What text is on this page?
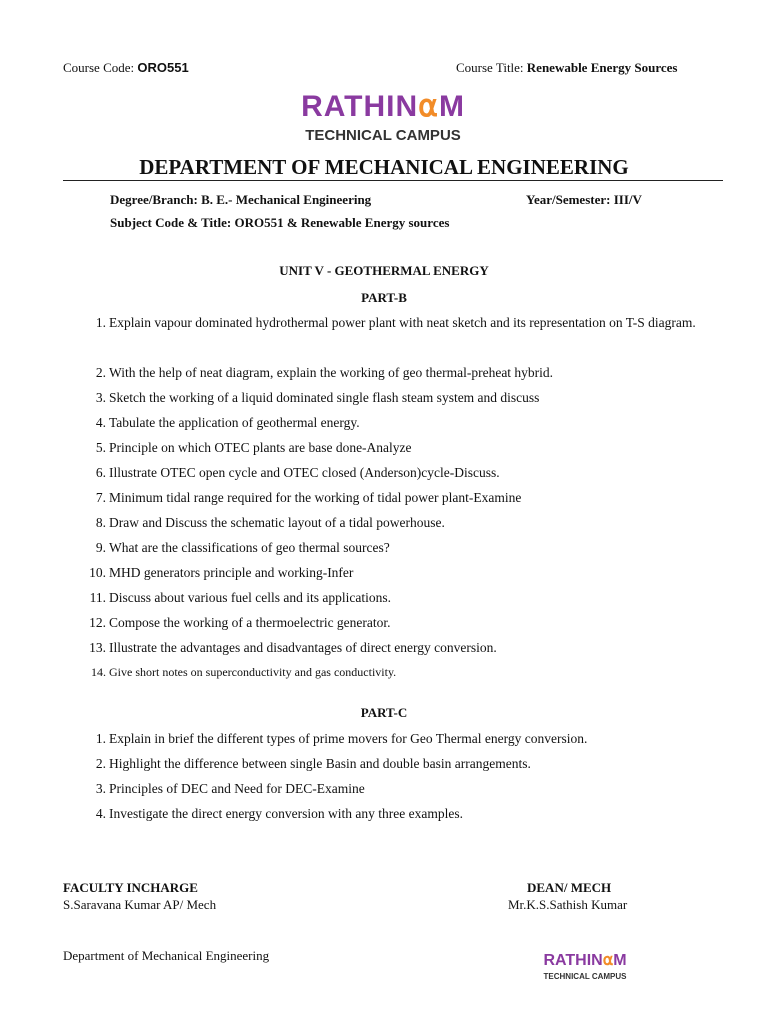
Course Code: ORO551	Course Title: Renewable Energy Sources
RATHIN⍺M
TECHNICAL CAMPUS
DEPARTMENT OF MECHANICAL ENGINEERING
Degree/Branch: B. E.- Mechanical Engineering	Year/Semester: III/V
Subject Code & Title: ORO551 & Renewable Energy sources
UNIT V - GEOTHERMAL ENERGY
PART-B
1. Explain vapour dominated hydrothermal power plant with neat sketch and its representation on T-S diagram.
2. With the help of neat diagram, explain the working of geo thermal-preheat hybrid.
3. Sketch the working of a liquid dominated single flash steam system and discuss
4. Tabulate the application of geothermal energy.
5. Principle on which OTEC plants are base done-Analyze
6. Illustrate OTEC open cycle and OTEC closed (Anderson)cycle-Discuss.
7. Minimum tidal range required for the working of tidal power plant-Examine
8. Draw and Discuss the schematic layout of a tidal powerhouse.
9. What are the classifications of geo thermal sources?
10. MHD generators principle and working-Infer
11. Discuss about various fuel cells and its applications.
12. Compose the working of a thermoelectric generator.
13. Illustrate the advantages and disadvantages of direct energy conversion.
14. Give short notes on superconductivity and gas conductivity.
PART-C
1. Explain in brief the different types of prime movers for Geo Thermal energy conversion.
2. Highlight the difference between single Basin and double basin arrangements.
3. Principles of DEC and Need for DEC-Examine
4. Investigate the direct energy conversion with any three examples.
FACULTY INCHARGE
S.Saravana Kumar AP/ Mech
DEAN/ MECH
Mr.K.S.Sathish Kumar
Department of Mechanical Engineering	RATHIN⍺M
TECHNICAL CAMPUS
